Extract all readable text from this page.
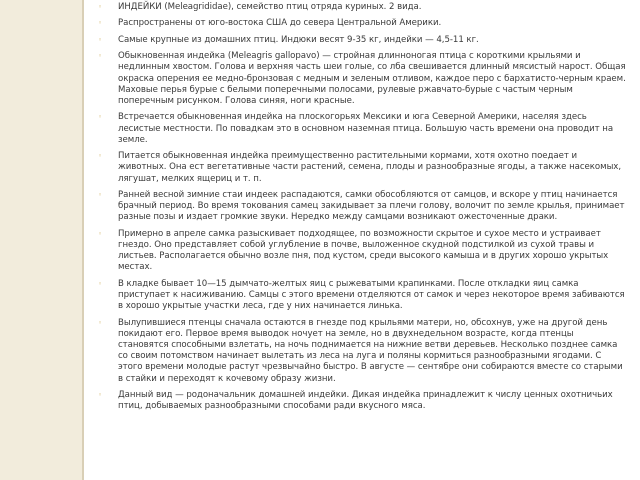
◦ ИНДЕЙКИ (Meleagrididae), семейство птиц отряда куриных. 2 вида.
◦ Распространены от юго-востока США до севера Центральной Америки.
◦ Самые крупные из домашних птиц. Индюки весят 9-35 кг, индейки — 4,5-11 кг.
◦ Обыкновенная индейка (Meleagris gallopavo) — стройная длинноногая птица с короткими крыльями и недлинным хвостом. Голова и верхняя часть шеи голые, со лба свешивается длинный мясистый нарост. Общая окраска оперения ее медно-бронзовая с медным и зеленым отливом, каждое перо с бархатисто-черным краем. Маховые перья бурые с белыми поперечными полосами, рулевые ржавчато-бурые с частым черным поперечным рисунком. Голова синяя, ноги красные.
◦ Встречается обыкновенная индейка на плоскогорьях Мексики и юга Северной Америки, населяя здесь лесистые местности. По повадкам это в основном наземная птица. Большую часть времени она проводит на земле.
◦ Питается обыкновенная индейка преимущественно растительными кормами, хотя охотно поедает и животных. Она ест вегетативные части растений, семена, плоды и разнообразные ягоды, а также насекомых, лягушат, мелких ящериц и т. п.
◦ Ранней весной зимние стаи индеек распадаются, самки обособляются от самцов, и вскоре у птиц начинается брачный период. Во время токования самец закидывает за плечи голову, волочит по земле крылья, принимает разные позы и издает громкие звуки. Нередко между самцами возникают ожесточенные драки.
◦ Примерно в апреле самка разыскивает подходящее, по возможности скрытое и сухое место и устраивает гнездо. Оно представляет собой углубление в почве, выложенное скудной подстилкой из сухой травы и листьев. Располагается обычно возле пня, под кустом, среди высокого камыша и в других хорошо укрытых местах.
◦ В кладке бывает 10—15 дымчато-желтых яиц с рыжеватыми крапинками. После откладки яиц самка приступает к насиживанию. Самцы с этого времени отделяются от самок и через некоторое время забиваются в хорошо укрытые участки леса, где у них начинается линька.
◦ Вылупившиеся птенцы сначала остаются в гнезде под крыльями матери, но, обсохнув, уже на другой день покидают его. Первое время выводок ночует на земле, но в двухнедельном возрасте, когда птенцы становятся способными взлетать, на ночь поднимается на нижние ветви деревьев. Несколько позднее самка со своим потомством начинает вылетать из леса на луга и поляны кормиться разнообразными ягодами. С этого времени молодые растут чрезвычайно быстро. В августе — сентябре они собираются вместе со старыми в стайки и переходят к кочевому образу жизни.
◦ Данный вид — родоначальник домашней индейки. Дикая индейка принадлежит к числу ценных охотничьих птиц, добываемых разнообразными способами ради вкусного мяса.
